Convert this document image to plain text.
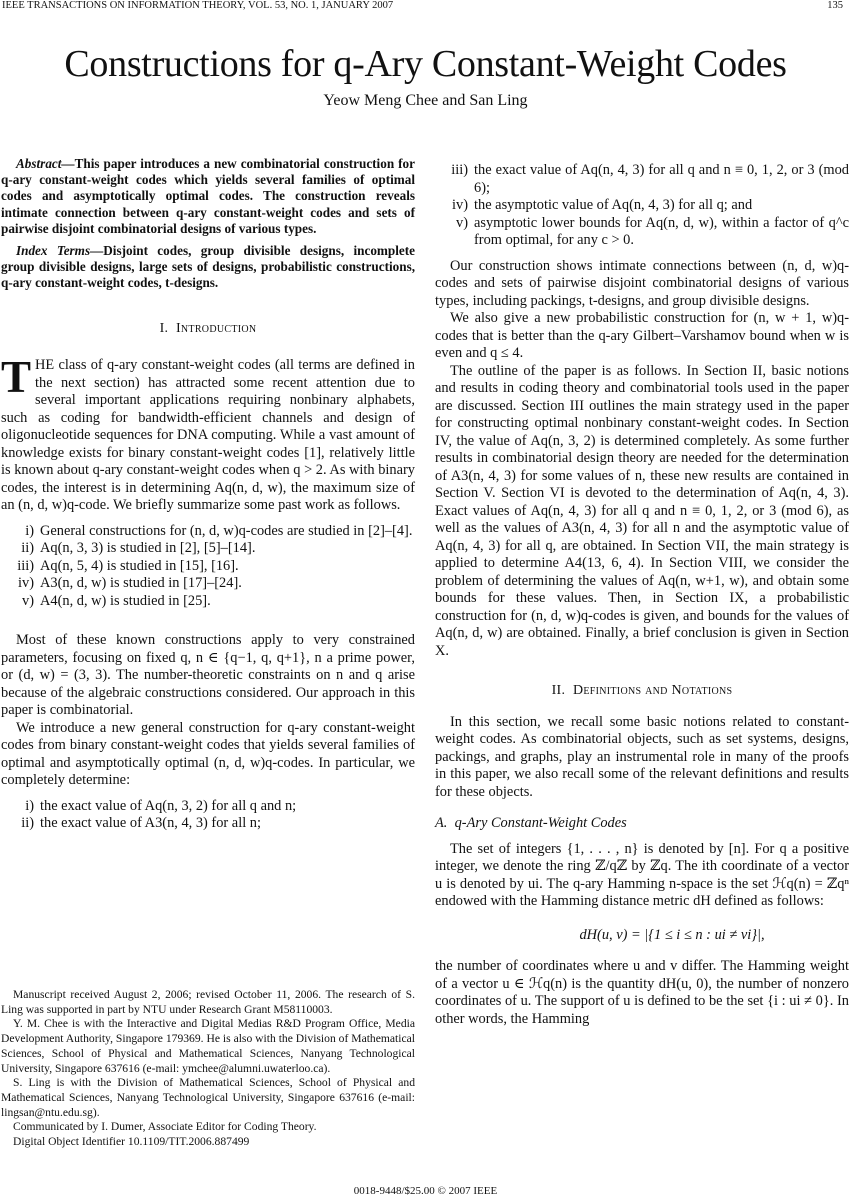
IEEE TRANSACTIONS ON INFORMATION THEORY, VOL. 53, NO. 1, JANUARY 2007	135
Constructions for q-Ary Constant-Weight Codes
Yeow Meng Chee and San Ling

Abstract—This paper introduces a new combinatorial construction for q-ary constant-weight codes which yields several families of optimal codes and asymptotically optimal codes. The construction reveals intimate connection between q-ary constant-weight codes and sets of pairwise disjoint combinatorial designs of various types.

Index Terms—Disjoint codes, group divisible designs, incomplete group divisible designs, large sets of designs, probabilistic constructions, q-ary constant-weight codes, t-designs.

I. Introduction

THE class of q-ary constant-weight codes (all terms are defined in the next section) has attracted some recent attention due to several important applications requiring nonbinary alphabets, such as coding for bandwidth-efficient channels and design of oligonucleotide sequences for DNA computing. While a vast amount of knowledge exists for binary constant-weight codes [1], relatively little is known about q-ary constant-weight codes when q > 2. As with binary codes, the interest is in determining Aq(n, d, w), the maximum size of an (n, d, w)q-code. We briefly summarize some past work as follows.

i) General constructions for (n, d, w)q-codes are studied in [2]–[4].
ii) Aq(n, 3, 3) is studied in [2], [5]–[14].
iii) Aq(n, 5, 4) is studied in [15], [16].
iv) A3(n, d, w) is studied in [17]–[24].
v) A4(n, d, w) is studied in [25].

Most of these known constructions apply to very constrained parameters, focusing on fixed q, n ∈ {q−1, q, q+1}, n a prime power, or (d, w) = (3, 3). The number-theoretic constraints on n and q arise because of the algebraic constructions considered. Our approach in this paper is combinatorial.

We introduce a new general construction for q-ary constant-weight codes from binary constant-weight codes that yields several families of optimal and asymptotically optimal (n, d, w)q-codes. In particular, we completely determine:

i) the exact value of Aq(n, 3, 2) for all q and n;
ii) the exact value of A3(n, 4, 3) for all n;

Manuscript received August 2, 2006; revised October 11, 2006. The research of S. Ling was supported in part by NTU under Research Grant M58110003.

Y. M. Chee is with the Interactive and Digital Medias R&D Program Office, Media Development Authority, Singapore 179369. He is also with the Division of Mathematical Sciences, School of Physical and Mathematical Sciences, Nanyang Technological University, Singapore 637616 (e-mail: ymchee@alumni.uwaterloo.ca).

S. Ling is with the Division of Mathematical Sciences, School of Physical and Mathematical Sciences, Nanyang Technological University, Singapore 637616 (e-mail: lingsan@ntu.edu.sg).

Communicated by I. Dumer, Associate Editor for Coding Theory.

Digital Object Identifier 10.1109/TIT.2006.887499

iii) the exact value of Aq(n, 4, 3) for all q and n ≡ 0, 1, 2, or 3 (mod 6);
iv) the asymptotic value of Aq(n, 4, 3) for all q; and
v) asymptotic lower bounds for Aq(n, d, w), within a factor of q^c from optimal, for any c > 0.

Our construction shows intimate connections between (n, d, w)q-codes and sets of pairwise disjoint combinatorial designs of various types, including packings, t-designs, and group divisible designs.

We also give a new probabilistic construction for (n, w + 1, w)q-codes that is better than the q-ary Gilbert–Varshamov bound when w is even and q ≤ 4.

The outline of the paper is as follows. In Section II, basic notions and results in coding theory and combinatorial tools used in the paper are discussed. Section III outlines the main strategy used in the paper for constructing optimal nonbinary constant-weight codes. In Section IV, the value of Aq(n, 3, 2) is determined completely. As some further results in combinatorial design theory are needed for the determination of A3(n, 4, 3) for some values of n, these new results are contained in Section V. Section VI is devoted to the determination of Aq(n, 4, 3). Exact values of Aq(n, 4, 3) for all q and n ≡ 0, 1, 2, or 3 (mod 6), as well as the values of A3(n, 4, 3) for all n and the asymptotic value of Aq(n, 4, 3) for all q, are obtained. In Section VII, the main strategy is applied to determine A4(13, 6, 4). In Section VIII, we consider the problem of determining the values of Aq(n, w+1, w), and obtain some bounds for these values. Then, in Section IX, a probabilistic construction for (n, d, w)q-codes is given, and bounds for the values of Aq(n, d, w) are obtained. Finally, a brief conclusion is given in Section X.

II. Definitions and Notations

In this section, we recall some basic notions related to constant-weight codes. As combinatorial objects, such as set systems, designs, packings, and graphs, play an instrumental role in many of the proofs in this paper, we also recall some of the relevant definitions and results for these objects.

A. q-Ary Constant-Weight Codes

The set of integers {1, . . . , n} is denoted by [n]. For q a positive integer, we denote the ring ℤ/qℤ by ℤq. The ith coordinate of a vector u is denoted by ui. The q-ary Hamming n-space is the set ℋq(n) = ℤqⁿ endowed with the Hamming distance metric dH defined as follows:

dH(u, v) = |{1 ≤ i ≤ n : ui ≠ vi}|,

the number of coordinates where u and v differ. The Hamming weight of a vector u ∈ ℋq(n) is the quantity dH(u, 0), the number of nonzero coordinates of u. The support of u is defined to be the set {i : ui ≠ 0}. In other words, the Hamming

0018-9448/$25.00 © 2007 IEEE
